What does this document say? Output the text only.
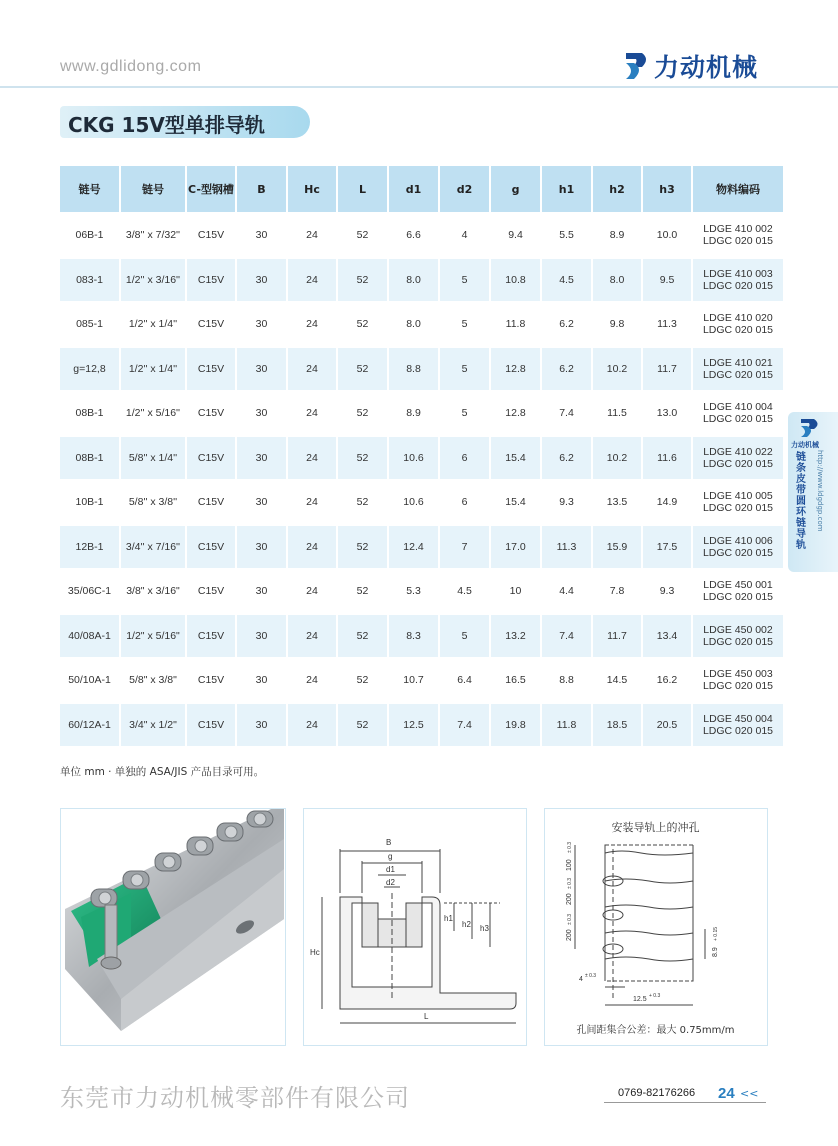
www.gdlidong.com	力动机械
CKG 15V型单排导轨
链号	链号	C-型钢槽	B	Hc	L	d1	d2	g	h1	h2	h3	物料编码
06B-1	3/8'' x 7/32''	C15V	30	24	52	6.6	4	9.4	5.5	8.9	10.0	LDGE 410 002
LDGC 020 015

083-1	1/2'' x 3/16''	C15V	30	24	52	8.0	5	10.8	4.5	8.0	9.5	LDGE 410 003
LDGC 020 015

085-1	1/2'' x 1/4''	C15V	30	24	52	8.0	5	11.8	6.2	9.8	11.3	LDGE 410 020
LDGC 020 015

g=12,8	1/2'' x 1/4''	C15V	30	24	52	8.8	5	12.8	6.2	10.2	11.7	LDGE 410 021
LDGC 020 015

08B-1	1/2'' x 5/16''	C15V	30	24	52	8.9	5	12.8	7.4	11.5	13.0	LDGE 410 004
LDGC 020 015

08B-1	5/8'' x 1/4''	C15V	30	24	52	10.6	6	15.4	6.2	10.2	11.6	LDGE 410 022
LDGC 020 015

10B-1	5/8'' x 3/8''	C15V	30	24	52	10.6	6	15.4	9.3	13.5	14.9	LDGE 410 005
LDGC 020 015

12B-1	3/4'' x 7/16''	C15V	30	24	52	12.4	7	17.0	11.3	15.9	17.5	LDGE 410 006
LDGC 020 015

35/06C-1	3/8" x 3/16"	C15V	30	24	52	5.3	4.5	10	4.4	7.8	9.3	LDGE 450 001
LDGC 020 015

40/08A-1	1/2" x 5/16"	C15V	30	24	52	8.3	5	13.2	7.4	11.7	13.4	LDGE 450 002
LDGC 020 015

50/10A-1	5/8" x 3/8"	C15V	30	24	52	10.7	6.4	16.5	8.8	14.5	16.2	LDGE 450 003
LDGC 020 015

60/12A-1	3/4" x 1/2"	C15V	30	24	52	12.5	7.4	19.8	11.8	18.5	20.5	LDGE 450 004
LDGC 020 015
单位 mm · 单独的 ASA/JIS 产品目录可用。
B
g
d1
d2
h1
h2 h3
Hc
L
安装导轨上的冲孔
100
± 0.3
200
± 0.3
200
± 0.3
8.9
+ 0.15
4 ± 0.3
12.5 + 0.3
孔间距集合公差：最大 0.75mm/m
力动机械
链条 皮带 圆环链导轨
http://www.ldgdgp.com
东莞市力动机械零部件有限公司	0769-82176266 24 <<
